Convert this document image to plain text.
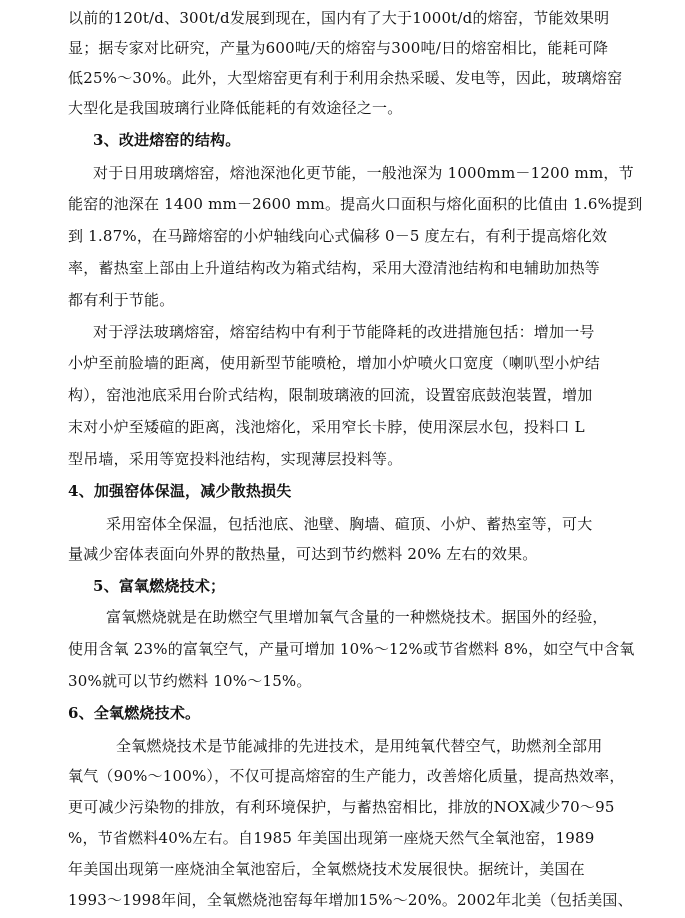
以前的120t/d、300t/d发展到现在，国内有了大于1000t/d的熔窑，节能效果明
显；据专家对比研究，产量为600吨/天的熔窑与300吨/日的熔窑相比，能耗可降
低25%～30%。此外，大型熔窑更有利于利用余热采暖、发电等，因此，玻璃熔窑
大型化是我国玻璃行业降低能耗的有效途径之一。
3、改进熔窑的结构。
对于日用玻璃熔窑，熔池深池化更节能，一般池深为 1000mm－1200 mm，节
能窑的池深在 1400 mm－2600 mm。提高火口面积与熔化面积的比值由 1.6%提到
到 1.87%，在马蹄熔窑的小炉轴线向心式偏移 0－5 度左右，有利于提高熔化效
率，蓄热室上部由上升道结构改为箱式结构，采用大澄清池结构和电辅助加热等
都有利于节能。
对于浮法玻璃熔窑，熔窑结构中有利于节能降耗的改进措施包括：增加一号
小炉至前脸墙的距离，使用新型节能喷枪，增加小炉喷火口宽度（喇叭型小炉结
构），窑池池底采用台阶式结构，限制玻璃液的回流，设置窑底鼓泡装置，增加
末对小炉至矮碹的距离，浅池熔化，采用窄长卡脖，使用深层水包，投料口 L
型吊墙，采用等宽投料池结构，实现薄层投料等。
4、加强窑体保温，减少散热损失
采用窑体全保温，包括池底、池壁、胸墙、碹顶、小炉、蓄热室等，可大
量减少窑体表面向外界的散热量，可达到节约燃料 20% 左右的效果。
5、富氧燃烧技术；
富氧燃烧就是在助燃空气里增加氧气含量的一种燃烧技术。据国外的经验，
使用含氧 23%的富氧空气，产量可增加 10%～12%或节省燃料 8%，如空气中含氧
30%就可以节约燃料 10%～15%。
6、全氧燃烧技术。
全氧燃烧技术是节能减排的先进技术，是用纯氧代替空气，助燃剂全部用
氧气（90%～100%），不仅可提高熔窑的生产能力，改善熔化质量，提高热效率，
更可减少污染物的排放，有利环境保护，与蓄热窑相比，排放的NOX减少70～95
%，节省燃料40%左右。自1985 年美国出现第一座烧天然气全氧池窑，1989
年美国出现第一座烧油全氧池窑后，全氧燃烧技术发展很快。据统计，美国在
1993～1998年间，全氧燃烧池窑每年增加15%～20%。2002年北美（包括美国、
